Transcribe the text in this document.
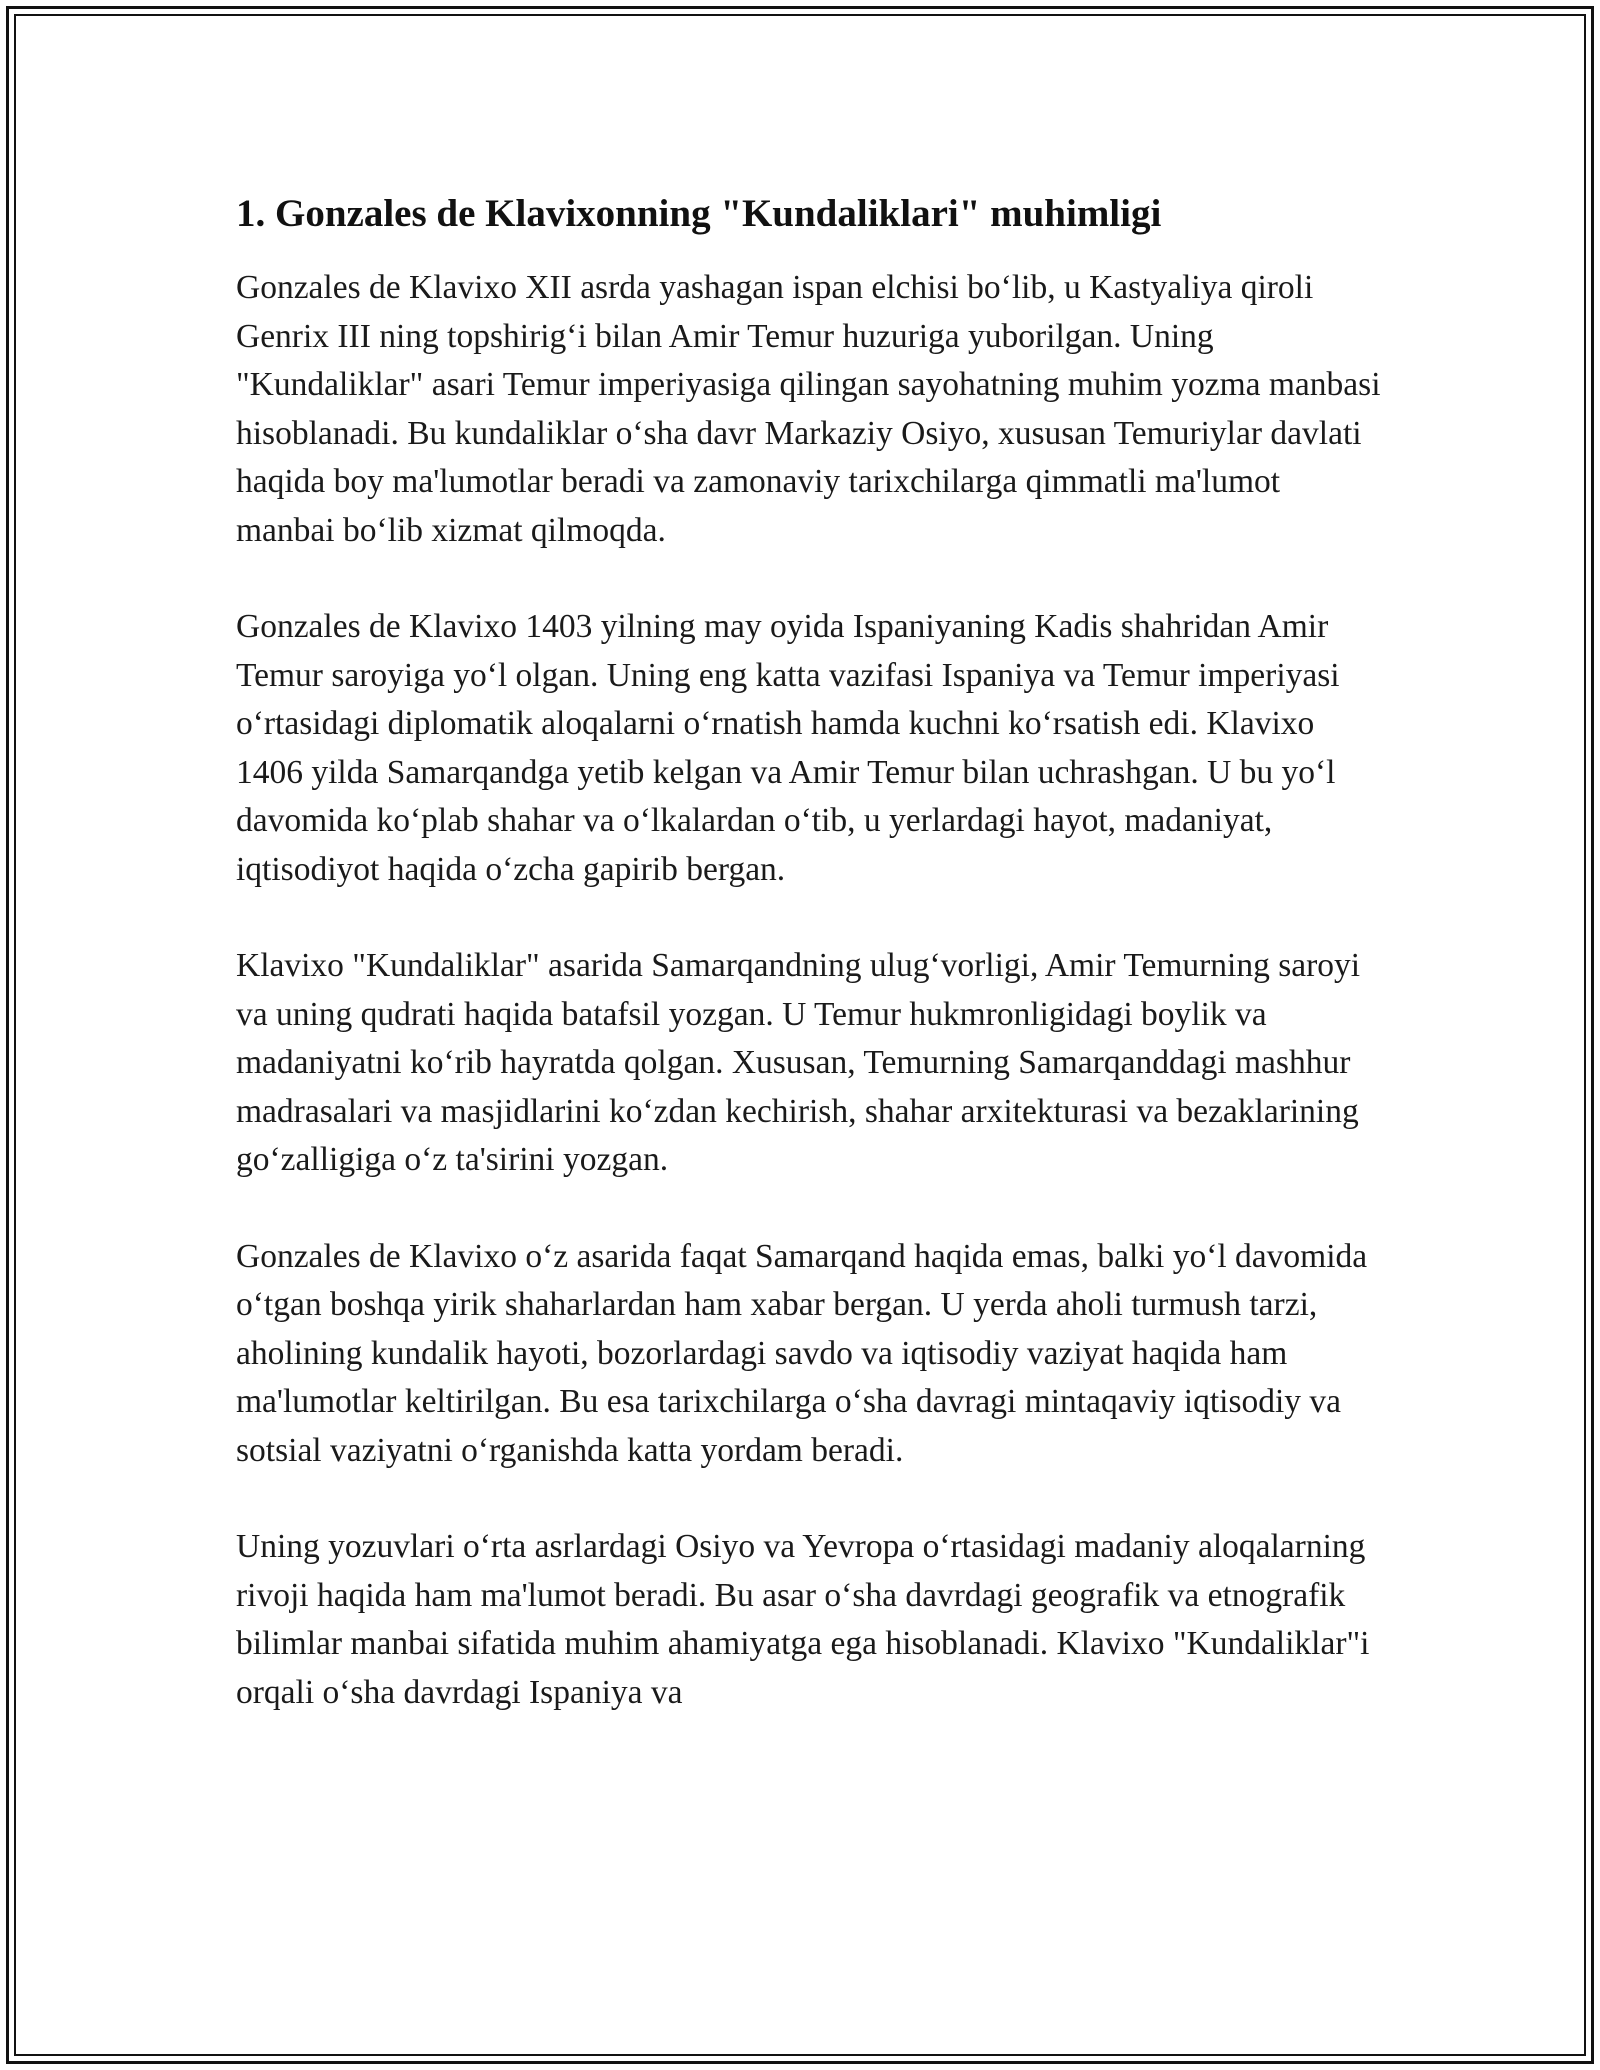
1. Gonzales de Klavixonning "Kundaliklari" muhimligi

Gonzales de Klavixo XII asrda yashagan ispan elchisi boʻlib, u Kastyaliya qiroli Genrix III ning topshirigʻi bilan Amir Temur huzuriga yuborilgan. Uning "Kundaliklar" asari Temur imperiyasiga qilingan sayohatning muhim yozma manbasi hisoblanadi. Bu kundaliklar oʻsha davr Markaziy Osiyo, xususan Temuriylar davlati haqida boy ma'lumotlar beradi va zamonaviy tarixchilarga qimmatli ma'lumot manbai boʻlib xizmat qilmoqda.

Gonzales de Klavixo 1403 yilning may oyida Ispaniyaning Kadis shahridan Amir Temur saroyiga yoʻl olgan. Uning eng katta vazifasi Ispaniya va Temur imperiyasi oʻrtasidagi diplomatik aloqalarni oʻrnatish hamda kuchni koʻrsatish edi. Klavixo 1406 yilda Samarqandga yetib kelgan va Amir Temur bilan uchrashgan. U bu yoʻl davomida koʻplab shahar va oʻlkalardan oʻtib, u yerlardagi hayot, madaniyat, iqtisodiyot haqida oʻzcha gapirib bergan.

Klavixo "Kundaliklar" asarida Samarqandning ulugʻvorligi, Amir Temurning saroyi va uning qudrati haqida batafsil yozgan. U Temur hukmronligidagi boylik va madaniyatni koʻrib hayratda qolgan. Xususan, Temurning Samarqanddagi mashhur madrasalari va masjidlarini koʻzdan kechirish, shahar arxitekturasi va bezaklarining goʻzalligiga oʻz ta'sirini yozgan.

Gonzales de Klavixo oʻz asarida faqat Samarqand haqida emas, balki yoʻl davomida oʻtgan boshqa yirik shaharlardan ham xabar bergan. U yerda aholi turmush tarzi, aholining kundalik hayoti, bozorlardagi savdo va iqtisodiy vaziyat haqida ham ma'lumotlar keltirilgan. Bu esa tarixchilarga oʻsha davragi mintaqaviy iqtisodiy va sotsial vaziyatni oʻrganishda katta yordam beradi.

Uning yozuvlari oʻrta asrlardagi Osiyo va Yevropa oʻrtasidagi madaniy aloqalarning rivoji haqida ham ma'lumot beradi. Bu asar oʻsha davrdagi geografik va etnografik bilimlar manbai sifatida muhim ahamiyatga ega hisoblanadi. Klavixo "Kundaliklar"i orqali oʻsha davrdagi Ispaniya va
